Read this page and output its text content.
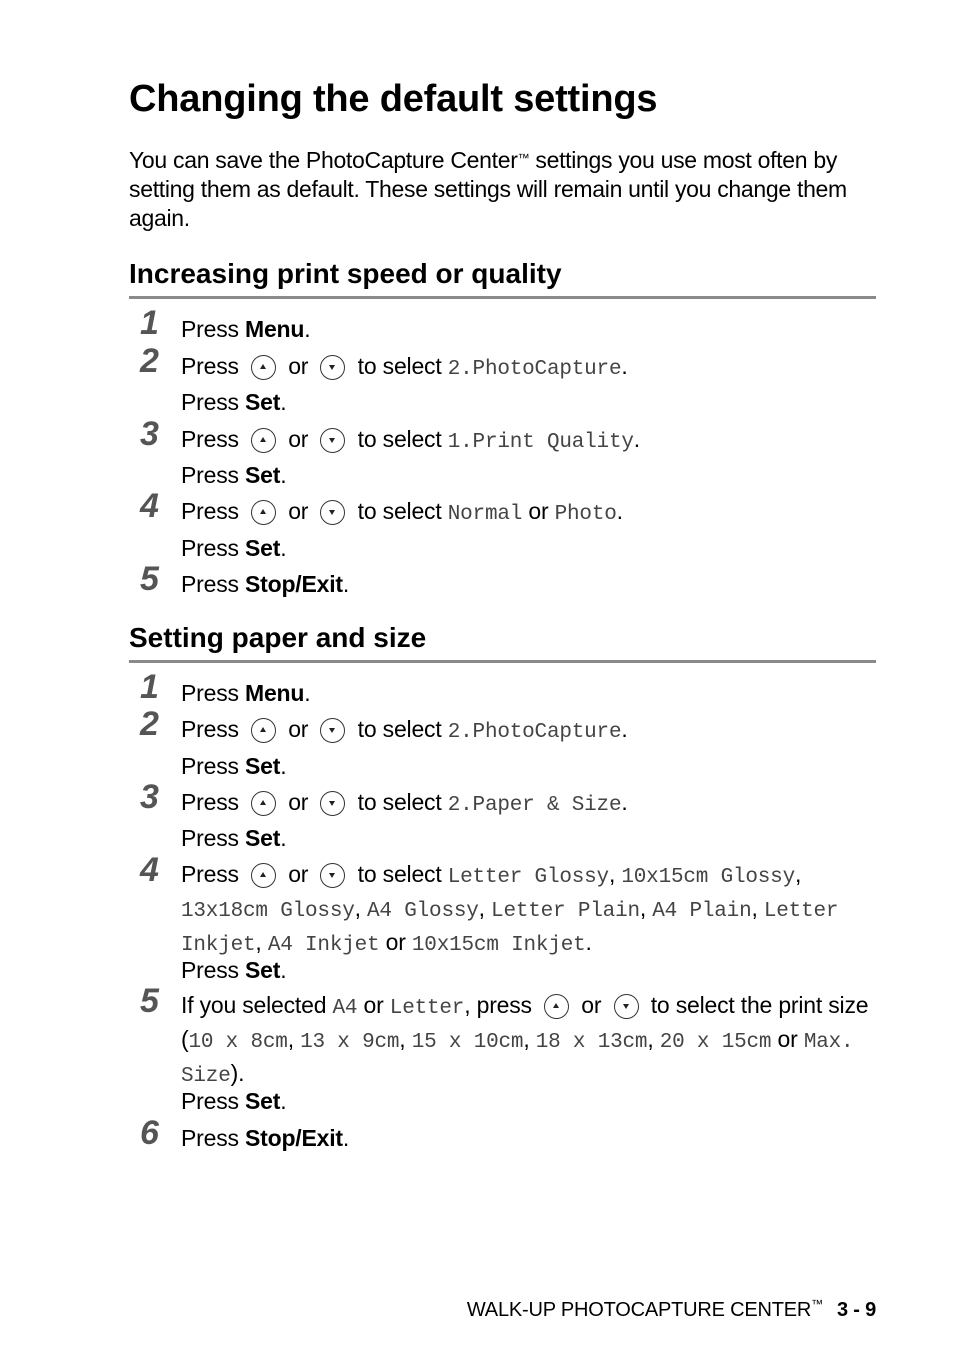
Changing the default settings

You can save the PhotoCapture Center™ settings you use most often by setting them as default. These settings will remain until you change them again.

Increasing print speed or quality
1 Press Menu.
2 Press or to select 2.PhotoCapture.
Press Set.
3 Press or to select 1.Print Quality.
Press Set.
4 Press or to select Normal or Photo.
Press Set.
5 Press Stop/Exit.
Setting paper and size
1 Press Menu.
2 Press or to select 2.PhotoCapture.
Press Set.
3 Press or to select 2.Paper & Size.
Press Set.
4 Press or to select Letter Glossy, 10x15cm Glossy, 13x18cm Glossy, A4 Glossy, Letter Plain, A4 Plain, Letter Inkjet, A4 Inkjet or 10x15cm Inkjet.
Press Set.
5 If you selected A4 or Letter, press or to select the print size (10 x 8cm, 13 x 9cm, 15 x 10cm, 18 x 13cm, 20 x 15cm or Max. Size).
Press Set.
6 Press Stop/Exit.
WALK-UP PHOTOCAPTURE CENTER™ 3 - 9
